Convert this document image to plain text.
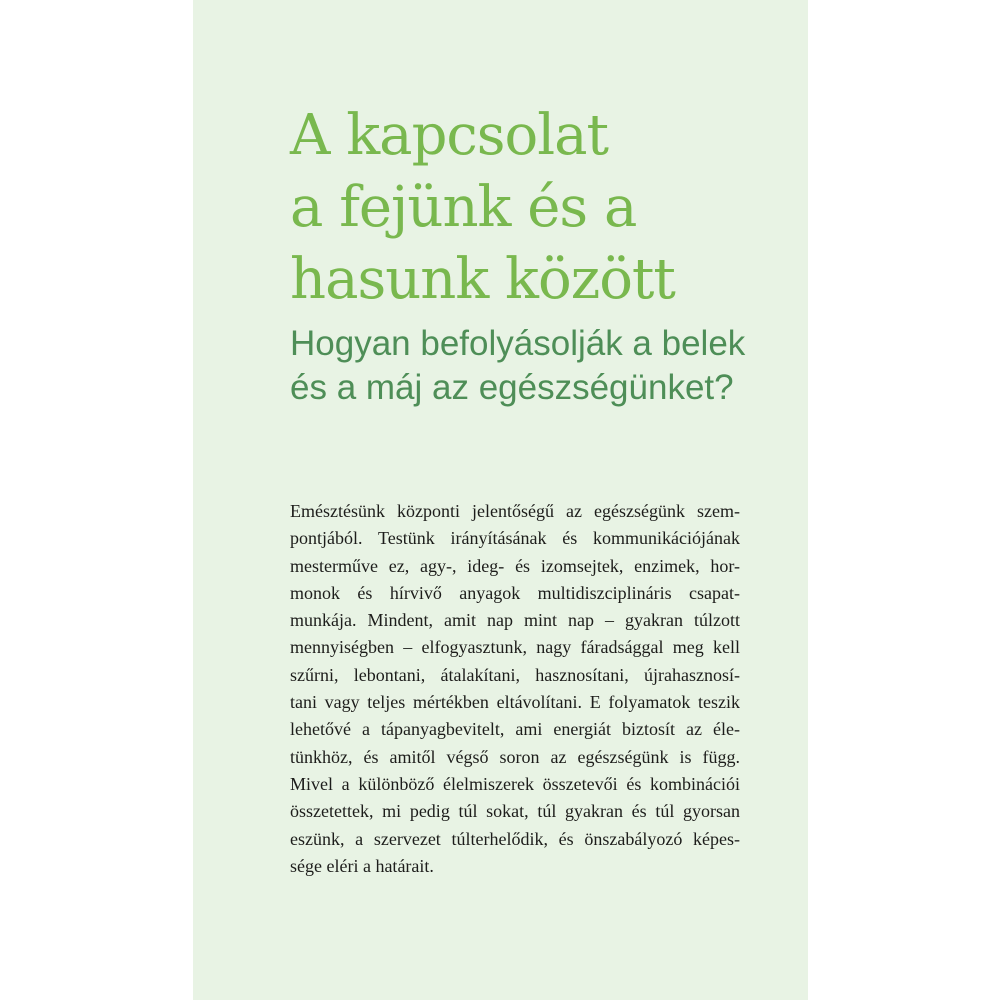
A kapcsolat
a fejünk és a
hasunk között
Hogyan befolyásolják a belek
és a máj az egészségünket?
Emésztésünk központi jelentőségű az egészségünk szem-
pontjából. Testünk irányításának és kommunikációjának
mesterműve ez, agy-, ideg- és izomsejtek, enzimek, hor-
monok és hírvivő anyagok multidiszciplináris csapat-
munkája. Mindent, amit nap mint nap – gyakran túlzott
mennyiségben – elfogyasztunk, nagy fáradsággal meg kell
szűrni, lebontani, átalakítani, hasznosítani, újrahasznosí-
tani vagy teljes mértékben eltávolítani. E folyamatok teszik
lehetővé a tápanyagbevitelt, ami energiát biztosít az éle-
tünkhöz, és amitől végső soron az egészségünk is függ.
Mivel a különböző élelmiszerek összetevői és kombinációi
összetettek, mi pedig túl sokat, túl gyakran és túl gyorsan
eszünk, a szervezet túlterhelődik, és önszabályozó képes-
sége eléri a határait.
